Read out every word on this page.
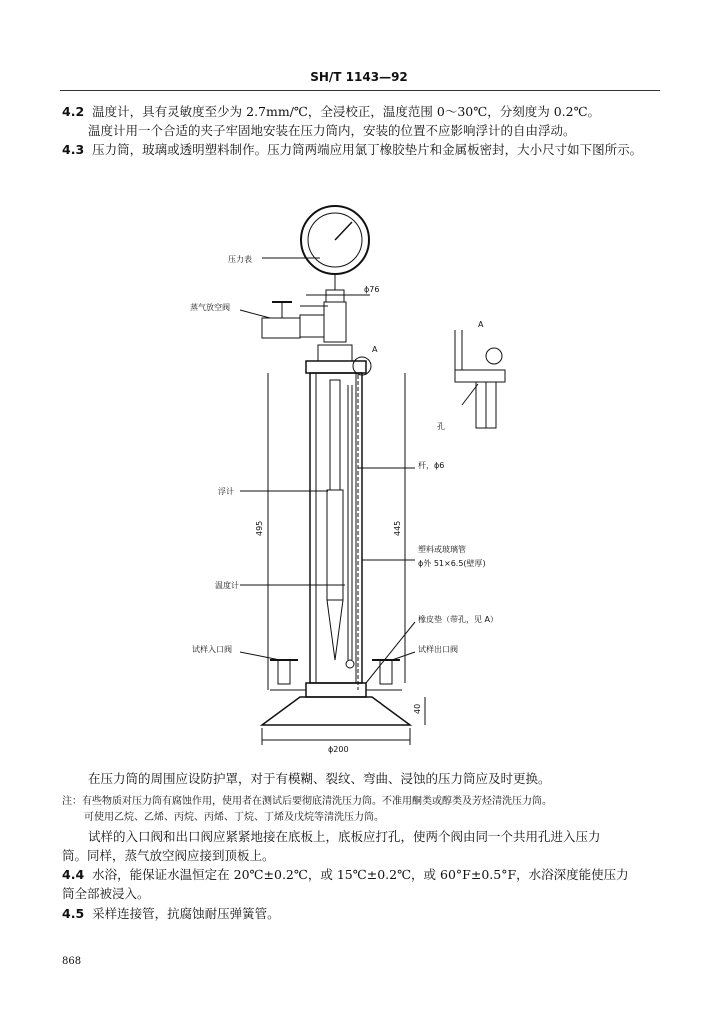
SH/T 1143—92
4.2 温度计，具有灵敏度至少为 2.7mm/℃，全浸校正，温度范围 0～30℃，分刻度为 0.2℃。
温度计用一个合适的夹子牢固地安装在压力筒内，安装的位置不应影响浮计的自由浮动。
4.3 压力筒，玻璃或透明塑料制作。压力筒两端应用氯丁橡胶垫片和金属板密封，大小尺寸如下图所示。
压力表
蒸气放空阀
ϕ76
A
A
孔
杆，ϕ6
浮计
495	445
塑料或玻璃管
ϕ外 51×6.5(壁厚)
温度计
橡皮垫（带孔，见 A）
试样入口阀	试样出口阀
40
ϕ200
在压力筒的周围应设防护罩，对于有模糊、裂纹、弯曲、浸蚀的压力筒应及时更换。
注：有些物质对压力筒有腐蚀作用，使用者在测试后要彻底清洗压力筒。不准用酮类或醇类及芳烃清洗压力筒。
可使用乙烷、乙烯、丙烷、丙烯、丁烷、丁烯及戊烷等清洗压力筒。
试样的入口阀和出口阀应紧紧地接在底板上，底板应打孔，使两个阀由同一个共用孔进入压力
筒。同样，蒸气放空阀应接到顶板上。
4.4 水浴，能保证水温恒定在 20℃±0.2℃，或 15℃±0.2℃，或 60°F±0.5°F，水浴深度能使压力
筒全部被浸入。
4.5 采样连接管，抗腐蚀耐压弹簧管。
868
